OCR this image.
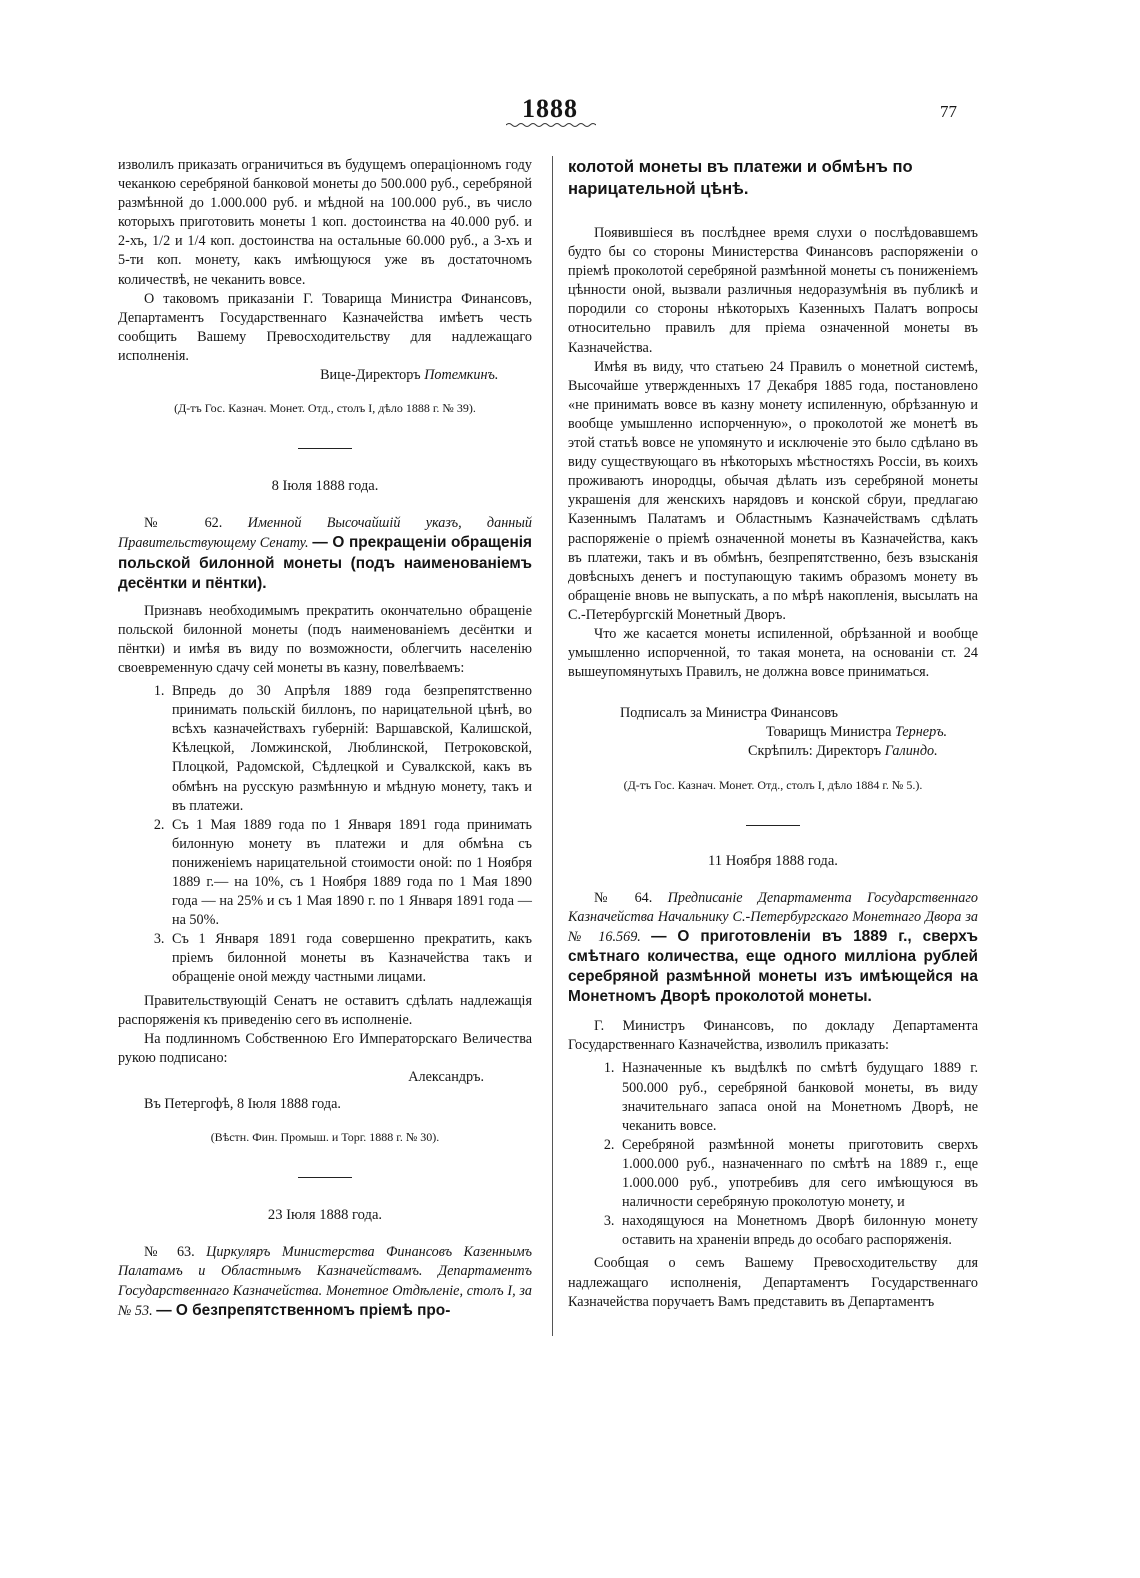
1888	77

изволилъ приказать ограничиться въ будущемъ операціонномъ году чеканкою серебряной банковой монеты до 500.000 руб., серебряной размѣнной до 1.000.000 руб. и мѣдной на 100.000 руб., въ число которыхъ приготовить монеты 1 коп. достоинства на 40.000 руб. и 2-хъ, 1/2 и 1/4 коп. достоинства на остальные 60.000 руб., а 3-хъ и 5-ти коп. монету, какъ имѣющуюся уже въ достаточномъ количествѣ, не чеканить вовсе.

О таковомъ приказаніи Г. Товарища Министра Финансовъ, Департаментъ Государственнаго Казначейства имѣетъ честь сообщить Вашему Превосходительству для надлежащаго исполненія.

Вице-Директоръ Потемкинъ.

(Д-тъ Гос. Казнач. Монет. Отд., столъ I, дѣло 1888 г. № 39).

8 Іюля 1888 года.

№ 62. Именной Высочайшій указъ, данный Правительствующему Сенату. — О прекращеніи обращенія польской билонной монеты (подъ наименованіемъ десёнтки и пёнтки).

Признавъ необходимымъ прекратить окончательно обращеніе польской билонной монеты (подъ наименованіемъ десёнтки и пёнтки) и имѣя въ виду по возможности, облегчить населенію своевременную сдачу сей монеты въ казну, повелѣваемъ:

1. Впредь до 30 Апрѣля 1889 года безпрепятственно принимать польскій биллонъ, по нарицательной цѣнѣ, во всѣхъ казначействахъ губерній: Варшавской, Калишской, Кѣлецкой, Ломжинской, Люблинской, Петроковской, Плоцкой, Радомской, Сѣдлецкой и Сувалкской, какъ въ обмѣнъ на русскую размѣнную и мѣдную монету, такъ и въ платежи.
2. Съ 1 Мая 1889 года по 1 Января 1891 года принимать билонную монету въ платежи и для обмѣна съ пониженіемъ нарицательной стоимости оной: по 1 Ноября 1889 г.— на 10%, съ 1 Ноября 1889 года по 1 Мая 1890 года — на 25% и съ 1 Мая 1890 г. по 1 Января 1891 года — на 50%.
3. Съ 1 Января 1891 года совершенно прекратить, какъ пріемъ билонной монеты въ Казначейства такъ и обращеніе оной между частными лицами.

Правительствующій Сенатъ не оставитъ сдѣлать надлежащія распоряженія къ приведенію сего въ исполненіе.

На подлинномъ Собственною Его Императорскаго Величества рукою подписано:

Александръ.

Въ Петергофѣ, 8 Іюля 1888 года.

(Вѣстн. Фин. Промыш. и Торг. 1888 г. № 30).

23 Іюля 1888 года.

№ 63. Циркуляръ Министерства Финансовъ Казеннымъ Палатамъ и Областнымъ Казначействамъ. Департаментъ Государственнаго Казначейства. Монетное Отдѣленіе, столъ I, за № 53. — О безпрепятственномъ пріемѣ про-

колотой монеты въ платежи и обмѣнъ по нарицательной цѣнѣ.

Появившіеся въ послѣднее время слухи о послѣдовавшемъ будто бы со стороны Министерства Финансовъ распоряженіи о пріемѣ проколотой серебряной размѣнной монеты съ пониженіемъ цѣнности оной, вызвали различныя недоразумѣнія въ публикѣ и породили со стороны нѣкоторыхъ Казенныхъ Палатъ вопросы относительно правилъ для пріема означенной монеты въ Казначейства.

Имѣя въ виду, что статьею 24 Правилъ о монетной системѣ, Высочайше утвержденныхъ 17 Декабря 1885 года, постановлено «не принимать вовсе въ казну монету испиленную, обрѣзанную и вообще умышленно испорченную», о проколотой же монетѣ въ этой статьѣ вовсе не упомянуто и исключеніе это было сдѣлано въ виду существующаго въ нѣкоторыхъ мѣстностяхъ Россіи, въ коихъ проживаютъ инородцы, обычая дѣлать изъ серебряной монеты украшенія для женскихъ нарядовъ и конской сбруи, предлагаю Казеннымъ Палатамъ и Областнымъ Казначействамъ сдѣлать распоряженіе о пріемѣ означенной монеты въ Казначейства, какъ въ платежи, такъ и въ обмѣнъ, безпрепятственно, безъ взысканія довѣсныхъ денегъ и поступающую такимъ образомъ монету въ обращеніе вновь не выпускать, а по мѣрѣ накопленія, высылать на С.-Петербургскій Монетный Дворъ.

Что же касается монеты испиленной, обрѣзанной и вообще умышленно испорченной, то такая монета, на основаніи ст. 24 вышеупомянутыхъ Правилъ, не должна вовсе приниматься.

Подписалъ за Министра Финансовъ

Товарищъ Министра Тернеръ.

Скрѣпилъ: Директоръ Галиндо.

(Д-тъ Гос. Казнач. Монет. Отд., столъ I, дѣло 1884 г. № 5.).

11 Ноября 1888 года.

№ 64. Предписаніе Департамента Государственнаго Казначейства Начальнику С.-Петербургскаго Монетнаго Двора за № 16.569. — О приготовленіи въ 1889 г., сверхъ смѣтнаго количества, еще одного милліона рублей серебряной размѣнной монеты изъ имѣющейся на Монетномъ Дворѣ проколотой монеты.

Г. Министръ Финансовъ, по докладу Департамента Государственнаго Казначейства, изволилъ приказать:

1. Назначенные къ выдѣлкѣ по смѣтѣ будущаго 1889 г. 500.000 руб., серебряной банковой монеты, въ виду значительнаго запаса оной на Монетномъ Дворѣ, не чеканить вовсе.
2. Серебряной размѣнной монеты приготовить сверхъ 1.000.000 руб., назначеннаго по смѣтѣ на 1889 г., еще 1.000.000 руб., употребивъ для сего имѣющуюся въ наличности серебряную проколотую монету, и
3. находящуюся на Монетномъ Дворѣ билонную монету оставить на храненіи впредь до особаго распоряженія.

Сообщая о семъ Вашему Превосходительству для надлежащаго исполненія, Департаментъ Государственнаго Казначейства поручаетъ Вамъ представить въ Департаментъ
